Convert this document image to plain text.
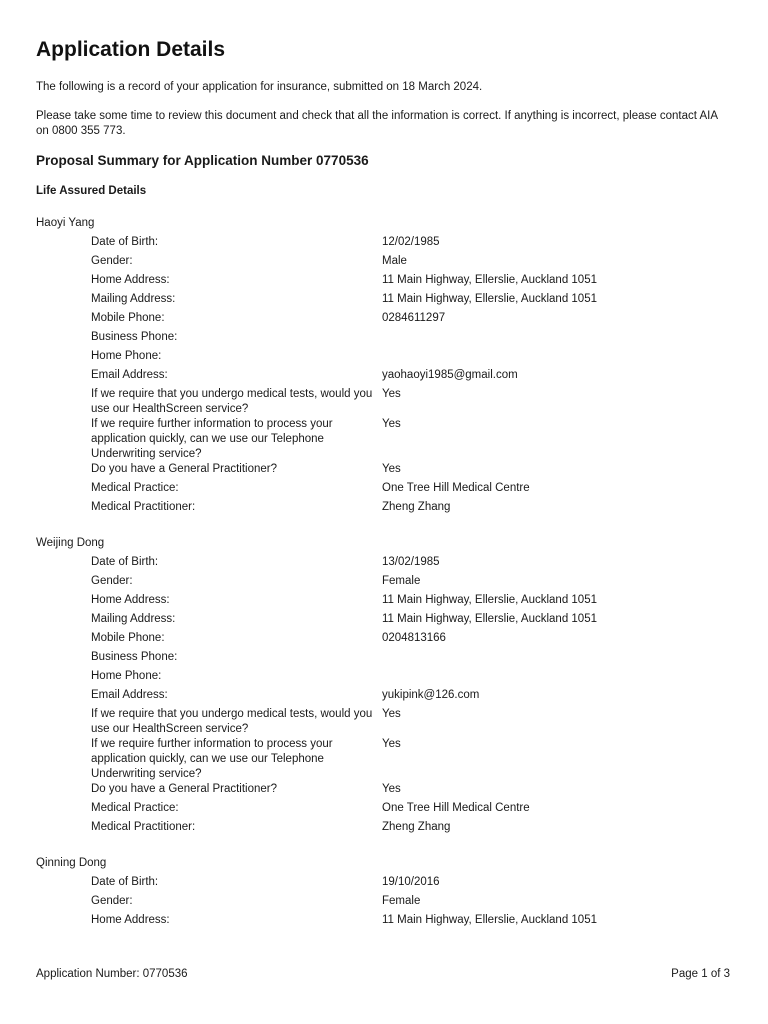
Application Details

The following is a record of your application for insurance, submitted on 18 March 2024.

Please take some time to review this document and check that all the information is correct. If anything is incorrect, please contact AIA on 0800 355 773.

Proposal Summary for Application Number 0770536
Life Assured Details
Haoyi Yang
Date of Birth:	12/02/1985
Gender:	Male
Home Address:	11 Main Highway, Ellerslie, Auckland 1051
Mailing Address:	11 Main Highway, Ellerslie, Auckland 1051
Mobile Phone:	0284611297
Business Phone:
Home Phone:
Email Address:	yaohaoyi1985@gmail.com
If we require that you undergo medical tests, would you use our HealthScreen service?
Yes
If we require further information to process your application quickly, can we use our Telephone Underwriting service?
Yes
Do you have a General Practitioner?	Yes
Medical Practice:	One Tree Hill Medical Centre
Medical Practitioner:	Zheng Zhang
Weijing Dong
Date of Birth:	13/02/1985
Gender:	Female
Home Address:	11 Main Highway, Ellerslie, Auckland 1051
Mailing Address:	11 Main Highway, Ellerslie, Auckland 1051
Mobile Phone:	0204813166
Business Phone:
Home Phone:
Email Address:	yukipink@126.com
If we require that you undergo medical tests, would you use our HealthScreen service?
Yes
If we require further information to process your application quickly, can we use our Telephone Underwriting service?
Yes
Do you have a General Practitioner?	Yes
Medical Practice:	One Tree Hill Medical Centre
Medical Practitioner:	Zheng Zhang
Qinning Dong
Date of Birth:	19/10/2016
Gender:	Female
Home Address:	11 Main Highway, Ellerslie, Auckland 1051
Application Number: 0770536	Page 1 of 3
